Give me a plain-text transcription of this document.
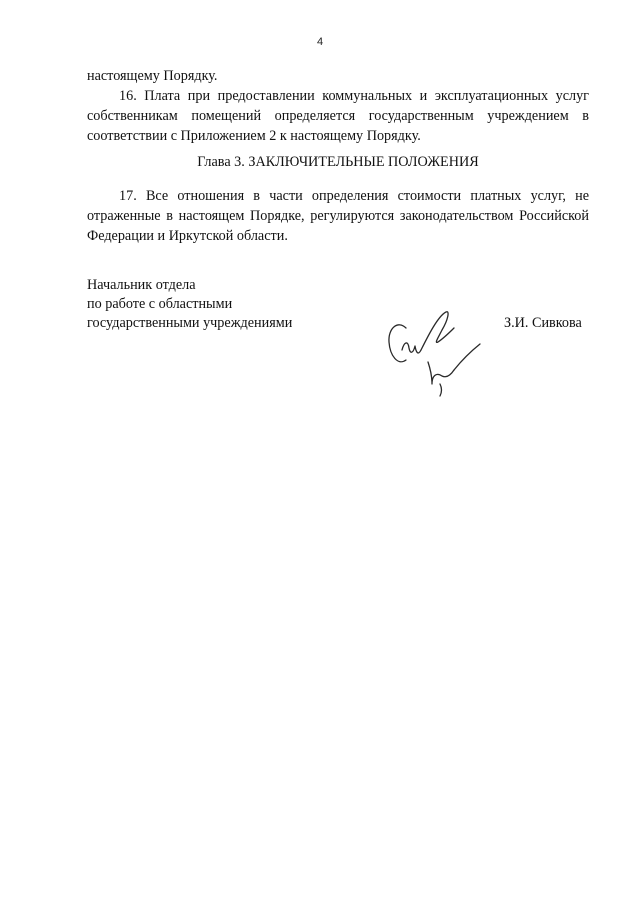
4

настоящему Порядку.

16. Плата при предоставлении коммунальных и эксплуатационных услуг собственникам помещений определяется государственным учреждением в соответствии с Приложением 2 к настоящему Порядку.

Глава 3. ЗАКЛЮЧИТЕЛЬНЫЕ ПОЛОЖЕНИЯ

17. Все отношения в части определения стоимости платных услуг, не отраженные в настоящем Порядке, регулируются законодательством Российской Федерации и Иркутской области.

Начальник отдела
по работе с областными
государственными учреждениями	З.И. Сивкова
